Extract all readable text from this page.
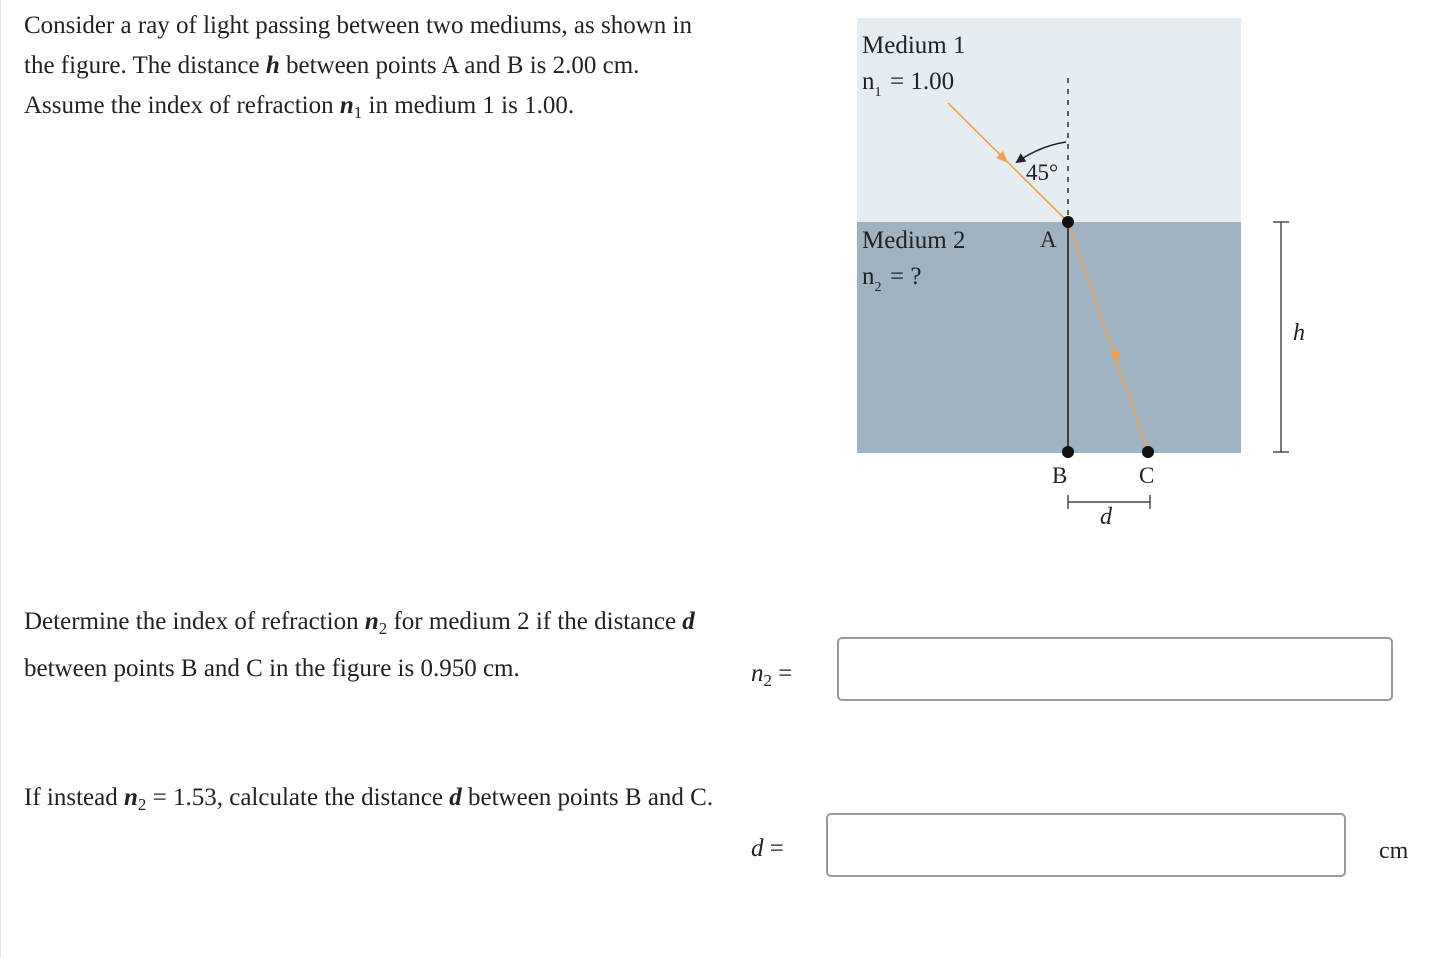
Consider a ray of light passing between two mediums, as shown in the figure. The distance h between points A and B is 2.00 cm. Assume the index of refraction $n_1$ in medium 1 is 1.00.
Medium 1
$n_1 = 1.00$
45°
Medium 2
$n_2$ = ?
A
B	C
d
h
Determine the index of refraction $n_2$ for medium 2 if the distance d between points B and C in the figure is 0.950 cm.	$n_2$ =
If instead $n_2 = 1.53$, calculate the distance d between points B and C.
d =	cm
